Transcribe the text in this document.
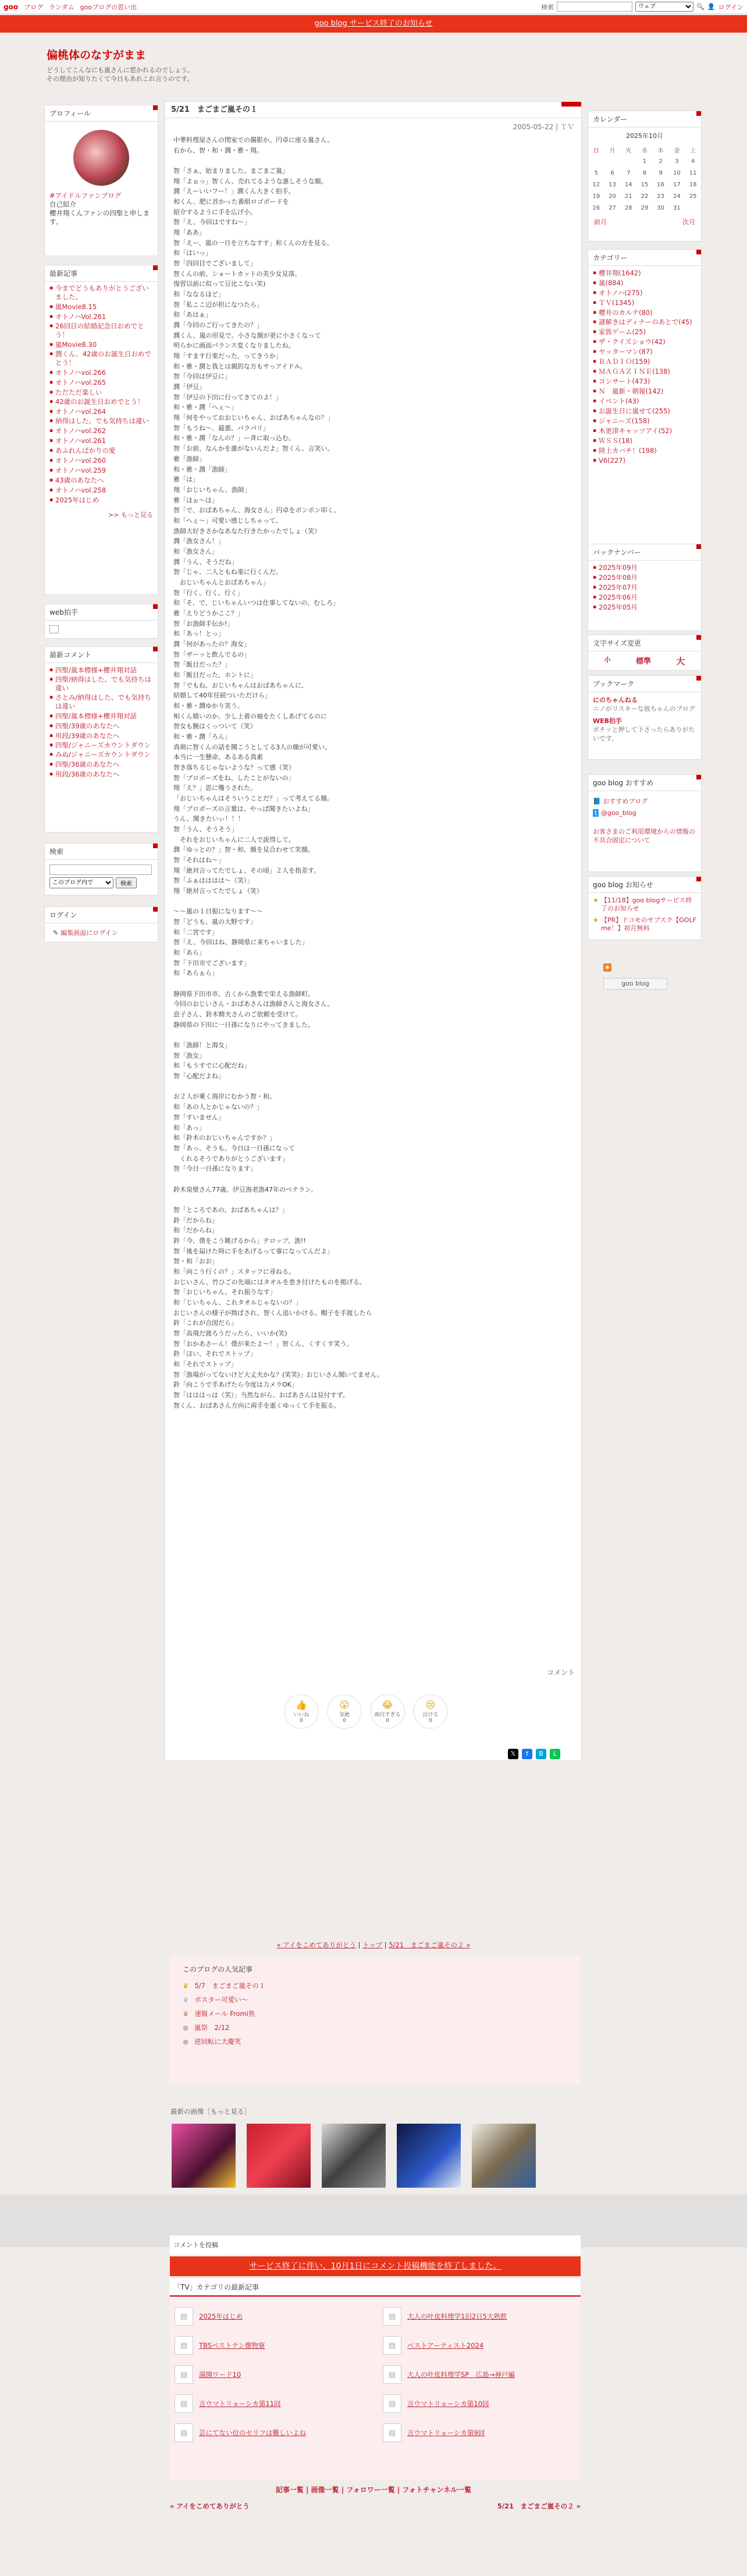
goo ブログ ランダム gooブログの思い出	検索
ウェブ	🔍 👤 ログイン
goo blog サービス終了のお知らせ
偏桃体のなすがまま

どうしてこんなにも嵐さんに惹かれるのでしょう。
その理由が知りたくて今日もあれこれ言うのです。

プロフィール
#アイドルファンブログ
自己紹介
櫻井翔くんファンの四聖と申します。
最新記事
▪ 今までどうもありがとうございました。
▪ 嵐Movie8.15
▪ オトノハVol.261
▪ 26回目の結婚記念日おめでとう！
▪ 嵐Movie8.30
▪ 潤くん、42歳のお誕生日おめでとう！
▪ オトノハvol.266
▪ オトノハvol.265
▪ ただただ楽しい
▪ 42歳のお誕生日おめでとう！
▪ オトノハvol.264
▪ 納得はした。でも気持ちは違い
▪ オトノハvol.262
▪ オトノハvol.261
▪ あふれんばかりの愛
▪ オトノハvol.260
▪ オトノハvol.259
▪ 43歳のあなたへ
▪ オトノハvol.258
▪ 2025年はじめ
>> もっと見る
web拍手
最新コメント
▪ 四聖/嵐本標様+櫻井翔対話
▪ 四聖/納得はした、でも気持ちは違い
▪ さとみ/納得はした、でも気持ちは違い
▪ 四聖/嵐本標様+櫻井翔対話
▪ 四聖/39歳のあなたへ
▪ 用段/39歳のあなたへ
▪ 四聖/ジャニーズカウントダウン
▪ みぬ/ジャニーズカウントダウン
▪ 四聖/36歳のあなたへ
▪ 用段/36歳のあなたへ
検索
このブログ内で
検索
ログイン
✎ 編集画面にログイン
5/21　まごまご嵐その１
2005-05-22 | ＴＶ
中華料理屋さんの閉室での撮影か。円卓に座る嵐さん。
右から、智・和・潤・雅・翔。

智「さぁ、始まりました。まごまご嵐」
翔「よぉっ」智くん、売れてるような誰しそうな顔。
潤「えーいいフー！」潤くん大きく拍手。
和くん、肥に首かった番組ロゴボードを
紹介するように手を広げ小。
智「え、今回はですね～」
翔「ああ」
智「えー、嵐の一日を立ちなすす」和くんの方を見る。
和「はいっ」
智「四回目でございまして」
智くんの前、ショートカットの美少女見落。
復習以前に似って豆比こない笑)
和「ななるほど」
智「私ここ辺が担になつたら」
和「あはぁ」
潤「今回のご行ってきたの？」
潤くん、嵐の形見で。小さな顔が更に小さくなって
明らかに画面バランス変くなりましたね。
翔「すます行楽だった、ってきうか」
和・雅・潤と我とは親的な方もサっアイドル。
智「今回は伊豆に」
潤「伊豆」
智「伊豆の下田に行ってきてのよ！」
和・雅・潤「へぇ～」
翔「何をやっておおじいちゃん、おばあちゃんなの？」
智「もうね～、最悪、パラパリ」
和・雅・潤「なんの？」ー斉に取っ込む。
智「お前、なんかを誰がないんだよ」智くん、言笑い。
雅「漁師」
和・雅・潤「漁師」
雅「は」
翔「おじいちゃん、漁師」
雅「ほぉ～ほ」
智「で、おばあちゃん、海女さん」円卓をポンポン叩く。
和「へぇ～」可愛い感じしちゃって。
漁師大好きさかなあなた行きたかったでしょ（笑）
潤「漁女さん！」
和「漁女さん」
潤「うん、そうだね」
智「じゃ、二人ともね楽に行くんだ。
　おじいちゃんとおばあちゃん」
智「行く、行く、行く」
和「そ、で、じいちゃんいつは仕事してないの、むしろ」
雅「えりどうかここ？」
智「お漁師手伝か!」
和「あっ！とっ」
潤「何があったの？海女」
智「ザーッと飲んでるの」
智「飯目だった？」
和「飯目だった、ホントに」
智「でもね、おじいちゃんはおばあちゃんに、
結婚して40年任続ついただけら」
和・雅・潤ゆかり笑う。
相くん嬉いのか、少し上着の袖をたくしあげてるのに
智女も腕はくっついて（笑）
和・雅・潤「ろん」
真剣に智くんの話を聞こうとしてる3人の顔が可愛い。
本当に一生懸命、あるある真素
智き落ちるじゃないような？って感（笑）
智「プロポーズをね、したことがないの」
翔「え？」思に嘴うされた。
「おじいちゃんはそういうことだ？」って考えてる顔。
翔「プロポーズの言葉は、やっぱ聞きたいよね」
うん、聞きたいぃ！！！
智「うん、そうそう」
　それをおじいちゃんに二人で説得して。
潤「ゆっとの？」智・和、顔を見合わせて笑顔。
智「それはね～」
翔「絶対言ってたでしょ、その頃」２人を指差す。
智「ふぁはははは～（笑）」
翔「絶対言ってたでしょ（笑）

～～嵐の１日振になります～～
智「どうも、嵐の大野です」
和「二宮です」
智「え、今回はね、静岡県に来ちゃいました」
和「あら」
智「下田市でございます」
和「あらぁら」

静岡県下田市市。古くから漁業で栄える漁師町。
今回のおじいさん・おばあさんは漁師さんと海女さん。
息子さん、鈴木精夫さんのご依頼を受けて。
静岡県の下田に一日孫になりにやってきました。

和「漁師！と海女」
智「漁女」
和「もうすでに心配だね」
智「心配だよね」

お２人が乗く海岸にむかう智・和。
和「あの人とかじゃないの？」
智「すいません」
和「あっ」
和「鈴木のおじいちゃんですか？」
智「あっ、そうも。今日は一日孫になって
　くれるそうでありがとうございます」
智「今日一日孫になります」

鈴木泉壁さん77歳。伊豆海老漁47年のベテラン。

智「ところであの、おばあちゃんは？」
鈴「だからね」
和「だからね」
鈴「今、僕をこう眺げるから」テロップ、漁!!
智「後を届けた時に手をあげるって事になってんだよ」
智・和「おお」
和「向こう行くの？」スタッフに尋ねる。
おじいさん、竹ひごの先端にはタオルを巻き付けたものを掲げる。
智「おじいちゃん、それ振りなす」
和「じいちゃん、これタオルじゃないの？」
おじいさんの様子が拗ばされ、智くん追いかける。帽子を手渡したら
鈴「これが合図だら」
智「高飛だ渡ろうだったら、いいか(笑)
智「おかあさーん！僕が来たよ～！」智くん、くすくす笑う。
鈴「ほい、それでストップ」
和「それでストップ」
智「漁場がってないけど大丈夫かな？(笑笑)」おじいさん聞いてません。
鈴「向こうで手あげたら今度は力メラOK」
智「はははっは（笑）」当然ながら、おばあさんは見付すず。
智くん、おばあさん方向に両手を逝くゆっくて手を振る。
コメント
👍
いいね
0
😮
気絶
0
😂
面白すぎる
0
😢
泣ける
0
𝕏	f	B	L
« アイをこめてありがとう | トップ | 5/21　まごまご嵐その２ »
このブログの人気記事
♛ 5/7　まごまご嵐その１
♛ ポスター可愛い～
♛ 速報メール Fromi焦
● 嵐祭　2/12
● 逆回転に大慶笑
最新の画像［もっと見る］
コメントを投稿
サービス終了に伴い、10月1日にコメント投稿機能を終了しました。
「TV」カテゴリの最新記事
▤	2025年はじめ	▤	大人の叶皮料理学1旧2日5大熟飲
▤	TBSベストテン懐物寮	▤	ベストアーティスト2024
▤	満開ワード10	▤	大人の叶皮料理学SP　広島→神戸編
▤	言ウマトリョーシカ第11回	▤	言ウマトリョーシカ第10回
▤	芸にてない位のセリフは難しいよね	▤	言ウマトリョーシカ第9回
記事一覧 | 画像一覧 | フォロワー一覧 | フォトチャンネル一覧
« アイをこめてありがとう	5/21　まごまご嵐その２ »
カレンダー
2025年10月
日	月	火	水	木	金	土
			1	2	3	4
5	6	7	8	9	10	11
12	13	14	15	16	17	18
19	20	21	22	23	24	25
26	27	28	29	30	31	
前月	次月
カテゴリー
▪ 櫻井翔(1642)
▪ 嵐(884)
▪ オトノハ(275)
▪ ＴＶ(1345)
▪ 櫻井のカルテ(80)
▪ 謎解きはディナーのあとで(45)
▪ 家族ゲーム(25)
▪ ザ・クイズショウ(42)
▪ ヤッターマン(87)
▪ ＲＡＤＩＯ(159)
▪ ＭＡＧＡＺＩＮＥ(138)
▪ コンサート(473)
▪ Ｎ　嵐新・朝報(142)
▪ イベント(43)
▪ お誕生日に嵐せて(255)
▪ ジャニーズ(158)
▪ 木更津キャッツアイ(52)
▪ ＷＳＳ(18)
▪ 陸上カバチ！(198)
▪ V6(227)
バックナンバー
▪ 2025年09月
▪ 2025年08月
▪ 2025年07月
▪ 2025年06月
▪ 2025年05月
文字サイズ変更
小	標準	大
ブックマーク
にのちゃんねる
ニノがリスキーな彼ちゃんのブログ
WEB拍手
ポチッと押して下さったらありがたいです。
goo blog おすすめ
📘 おすすめブログ
t @goo_blog
お客さまのご利用環境からの情報の不具合固定について
goo blog お知らせ
★ 【11/18】goo blogサービス終了のお知らせ
★ 【PR】ドコモのサブスク【GOLF me！】初月無料
◉
goo blog
